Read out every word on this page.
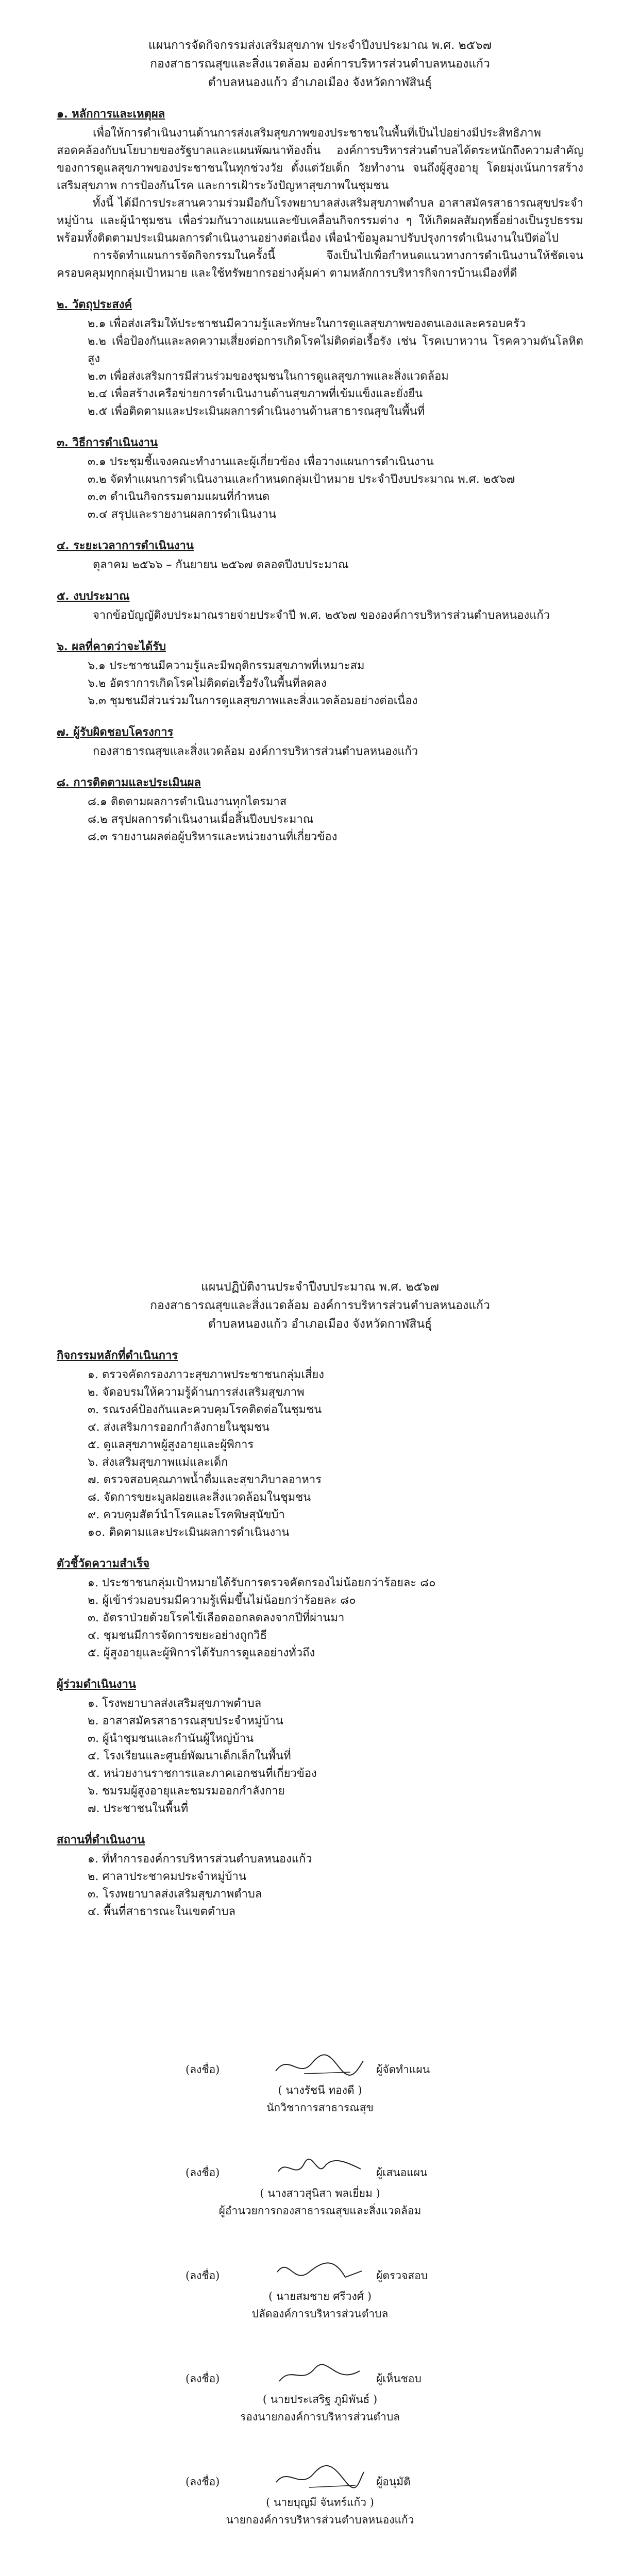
แผนการจัดกิจกรรมส่งเสริมสุขภาพ ประจำปีงบประมาณ พ.ศ. ๒๕๖๗

กองสาธารณสุขและสิ่งแวดล้อม องค์การบริหารส่วนตำบลหนองแก้ว

ตำบลหนองแก้ว อำเภอเมือง จังหวัดกาฬสินธุ์

๑. หลักการและเหตุผล

เพื่อให้การดำเนินงานด้านการส่งเสริมสุขภาพของประชาชนในพื้นที่เป็นไปอย่างมีประสิทธิภาพ สอดคล้องกับนโยบายของรัฐบาลและแผนพัฒนาท้องถิ่น องค์การบริหารส่วนตำบลได้ตระหนักถึงความสำคัญของการดูแลสุขภาพของประชาชนในทุกช่วงวัย ตั้งแต่วัยเด็ก วัยทำงาน จนถึงผู้สูงอายุ โดยมุ่งเน้นการสร้างเสริมสุขภาพ การป้องกันโรค และการเฝ้าระวังปัญหาสุขภาพในชุมชน

ทั้งนี้ ได้มีการประสานความร่วมมือกับโรงพยาบาลส่งเสริมสุขภาพตำบล อาสาสมัครสาธารณสุขประจำหมู่บ้าน และผู้นำชุมชน เพื่อร่วมกันวางแผนและขับเคลื่อนกิจกรรมต่าง ๆ ให้เกิดผลสัมฤทธิ์อย่างเป็นรูปธรรม พร้อมทั้งติดตามประเมินผลการดำเนินงานอย่างต่อเนื่อง เพื่อนำข้อมูลมาปรับปรุงการดำเนินงานในปีต่อไป

การจัดทำแผนการจัดกิจกรรมในครั้งนี้ จึงเป็นไปเพื่อกำหนดแนวทางการดำเนินงานให้ชัดเจน ครอบคลุมทุกกลุ่มเป้าหมาย และใช้ทรัพยากรอย่างคุ้มค่า ตามหลักการบริหารกิจการบ้านเมืองที่ดี

๒. วัตถุประสงค์

๒.๑ เพื่อส่งเสริมให้ประชาชนมีความรู้และทักษะในการดูแลสุขภาพของตนเองและครอบครัว

๒.๒ เพื่อป้องกันและลดความเสี่ยงต่อการเกิดโรคไม่ติดต่อเรื้อรัง เช่น โรคเบาหวาน โรคความดันโลหิตสูง

๒.๓ เพื่อส่งเสริมการมีส่วนร่วมของชุมชนในการดูแลสุขภาพและสิ่งแวดล้อม

๒.๔ เพื่อสร้างเครือข่ายการดำเนินงานด้านสุขภาพที่เข้มแข็งและยั่งยืน

๒.๕ เพื่อติดตามและประเมินผลการดำเนินงานด้านสาธารณสุขในพื้นที่

๓. วิธีการดำเนินงาน

๓.๑ ประชุมชี้แจงคณะทำงานและผู้เกี่ยวข้อง เพื่อวางแผนการดำเนินงาน

๓.๒ จัดทำแผนการดำเนินงานและกำหนดกลุ่มเป้าหมาย ประจำปีงบประมาณ พ.ศ. ๒๕๖๗

๓.๓ ดำเนินกิจกรรมตามแผนที่กำหนด

๓.๔ สรุปและรายงานผลการดำเนินงาน

๔. ระยะเวลาการดำเนินงาน

ตุลาคม ๒๕๖๖ – กันยายน ๒๕๖๗ ตลอดปีงบประมาณ

๕. งบประมาณ

จากข้อบัญญัติงบประมาณรายจ่ายประจำปี พ.ศ. ๒๕๖๗ ขององค์การบริหารส่วนตำบลหนองแก้ว

๖. ผลที่คาดว่าจะได้รับ

๖.๑ ประชาชนมีความรู้และมีพฤติกรรมสุขภาพที่เหมาะสม

๖.๒ อัตราการเกิดโรคไม่ติดต่อเรื้อรังในพื้นที่ลดลง

๖.๓ ชุมชนมีส่วนร่วมในการดูแลสุขภาพและสิ่งแวดล้อมอย่างต่อเนื่อง

๗. ผู้รับผิดชอบโครงการ

กองสาธารณสุขและสิ่งแวดล้อม องค์การบริหารส่วนตำบลหนองแก้ว

๘. การติดตามและประเมินผล

๘.๑ ติดตามผลการดำเนินงานทุกไตรมาส

๘.๒ สรุปผลการดำเนินงานเมื่อสิ้นปีงบประมาณ

๘.๓ รายงานผลต่อผู้บริหารและหน่วยงานที่เกี่ยวข้อง

แผนปฏิบัติงานประจำปีงบประมาณ พ.ศ. ๒๕๖๗

กองสาธารณสุขและสิ่งแวดล้อม องค์การบริหารส่วนตำบลหนองแก้ว

ตำบลหนองแก้ว อำเภอเมือง จังหวัดกาฬสินธุ์

กิจกรรมหลักที่ดำเนินการ

๑. ตรวจคัดกรองภาวะสุขภาพประชาชนกลุ่มเสี่ยง

๒. จัดอบรมให้ความรู้ด้านการส่งเสริมสุขภาพ

๓. รณรงค์ป้องกันและควบคุมโรคติดต่อในชุมชน

๔. ส่งเสริมการออกกำลังกายในชุมชน

๕. ดูแลสุขภาพผู้สูงอายุและผู้พิการ

๖. ส่งเสริมสุขภาพแม่และเด็ก

๗. ตรวจสอบคุณภาพน้ำดื่มและสุขาภิบาลอาหาร

๘. จัดการขยะมูลฝอยและสิ่งแวดล้อมในชุมชน

๙. ควบคุมสัตว์นำโรคและโรคพิษสุนัขบ้า

๑๐. ติดตามและประเมินผลการดำเนินงาน

ตัวชี้วัดความสำเร็จ

๑. ประชาชนกลุ่มเป้าหมายได้รับการตรวจคัดกรองไม่น้อยกว่าร้อยละ ๘๐

๒. ผู้เข้าร่วมอบรมมีความรู้เพิ่มขึ้นไม่น้อยกว่าร้อยละ ๘๐

๓. อัตราป่วยด้วยโรคไข้เลือดออกลดลงจากปีที่ผ่านมา

๔. ชุมชนมีการจัดการขยะอย่างถูกวิธี

๕. ผู้สูงอายุและผู้พิการได้รับการดูแลอย่างทั่วถึง

ผู้ร่วมดำเนินงาน

๑. โรงพยาบาลส่งเสริมสุขภาพตำบล

๒. อาสาสมัครสาธารณสุขประจำหมู่บ้าน

๓. ผู้นำชุมชนและกำนันผู้ใหญ่บ้าน

๔. โรงเรียนและศูนย์พัฒนาเด็กเล็กในพื้นที่

๕. หน่วยงานราชการและภาคเอกชนที่เกี่ยวข้อง

๖. ชมรมผู้สูงอายุและชมรมออกกำลังกาย

๗. ประชาชนในพื้นที่

สถานที่ดำเนินงาน

๑. ที่ทำการองค์การบริหารส่วนตำบลหนองแก้ว

๒. ศาลาประชาคมประจำหมู่บ้าน

๓. โรงพยาบาลส่งเสริมสุขภาพตำบล

๔. พื้นที่สาธารณะในเขตตำบล

(ลงชื่อ)	ผู้จัดทำแผน

( นางรัชนี ทองดี )

นักวิชาการสาธารณสุข

(ลงชื่อ)	ผู้เสนอแผน

( นางสาวสุนิสา พลเยี่ยม )

ผู้อำนวยการกองสาธารณสุขและสิ่งแวดล้อม

(ลงชื่อ)	ผู้ตรวจสอบ

( นายสมชาย ศรีวงศ์ )

ปลัดองค์การบริหารส่วนตำบล

(ลงชื่อ)	ผู้เห็นชอบ

( นายประเสริฐ ภูมิพันธ์ )

รองนายกองค์การบริหารส่วนตำบล

(ลงชื่อ)	ผู้อนุมัติ

( นายบุญมี จันทร์แก้ว )

นายกองค์การบริหารส่วนตำบลหนองแก้ว
